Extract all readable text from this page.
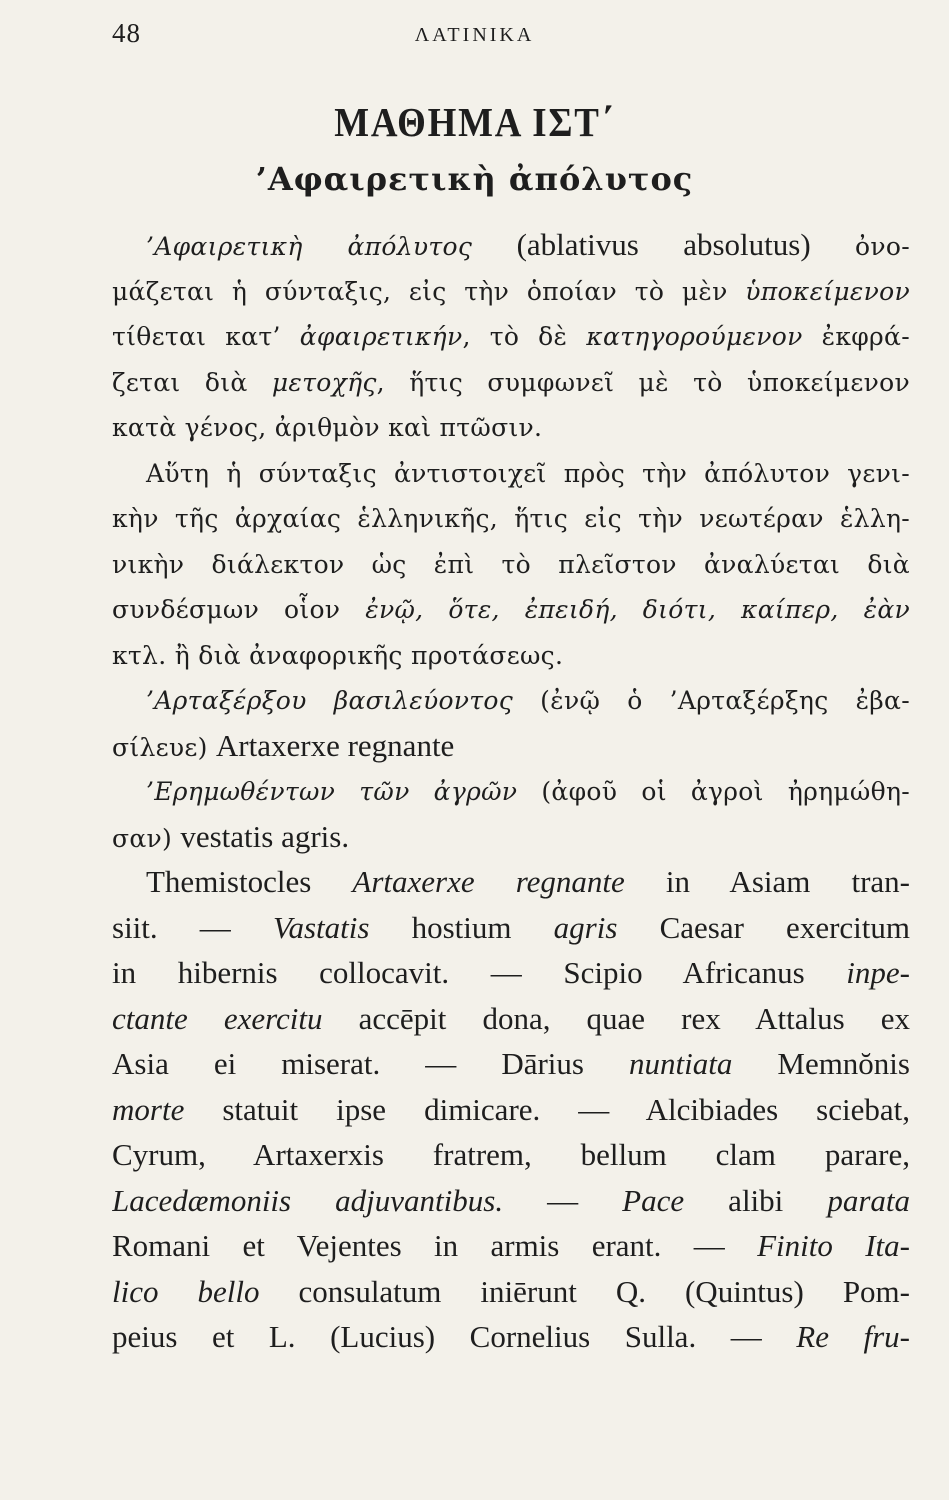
48	ΛΑΤΙΝΙΚΑ
ΜΑΘΗΜΑ ΙΣΤ΄
’Αφαιρετικὴ ἀπόλυτος
’Αφαιρετικὴ ἀπόλυτος (ablativus absolutus) ὀνο-
μάζεται ἡ σύνταξις, εἰς τὴν ὁποίαν τὸ μὲν ὑποκείμενον
τίθεται κατ’ ἀφαιρετικήν, τὸ δὲ κατηγορούμενον ἐκφρά-
ζεται διὰ μετοχῆς, ἥτις συμφωνεῖ μὲ τὸ ὑποκείμενον
κατὰ γένος, ἀριθμὸν καὶ πτῶσιν.
Αὕτη ἡ σύνταξις ἀντιστοιχεῖ πρὸς τὴν ἀπόλυτον γενι-
κὴν τῆς ἀρχαίας ἑλληνικῆς, ἥτις εἰς τὴν νεωτέραν ἑλλη-
νικὴν διάλεκτον ὡς ἐπὶ τὸ πλεῖστον ἀναλύεται διὰ
συνδέσμων οἷον ἐνῷ, ὅτε, ἐπειδή, διότι, καίπερ, ἐὰν
κτλ. ἢ διὰ ἀναφορικῆς προτάσεως.
’Αρταξέρξου βασιλεύοντος (ἐνῷ ὁ ’Αρταξέρξης ἐβα-
σίλευε) Artaxerxe regnante
’Ερημωθέντων τῶν ἀγρῶν (ἀφοῦ οἱ ἀγροὶ ἠρημώθη-
σαν) vestatis agris.
Themistocles Artaxerxe regnante in Asiam tran-
siit. — Vastatis hostium agris Caesar exercitum
in hibernis collocavit. — Scipio Africanus inpe-
ctante exercitu accēpit dona, quae rex Attalus ex
Asia ei miserat. — Dārius nuntiata Memnŏnis
morte statuit ipse dimicare. — Alcibiades sciebat,
Cyrum, Artaxerxis fratrem, bellum clam parare,
Lacedæmoniis adjuvantibus. — Pace alibi parata
Romani et Vejentes in armis erant. — Finito Ita-
lico bello consulatum iniērunt Q. (Quintus) Pom-
peius et L. (Lucius) Cornelius Sulla. — Re fru-
